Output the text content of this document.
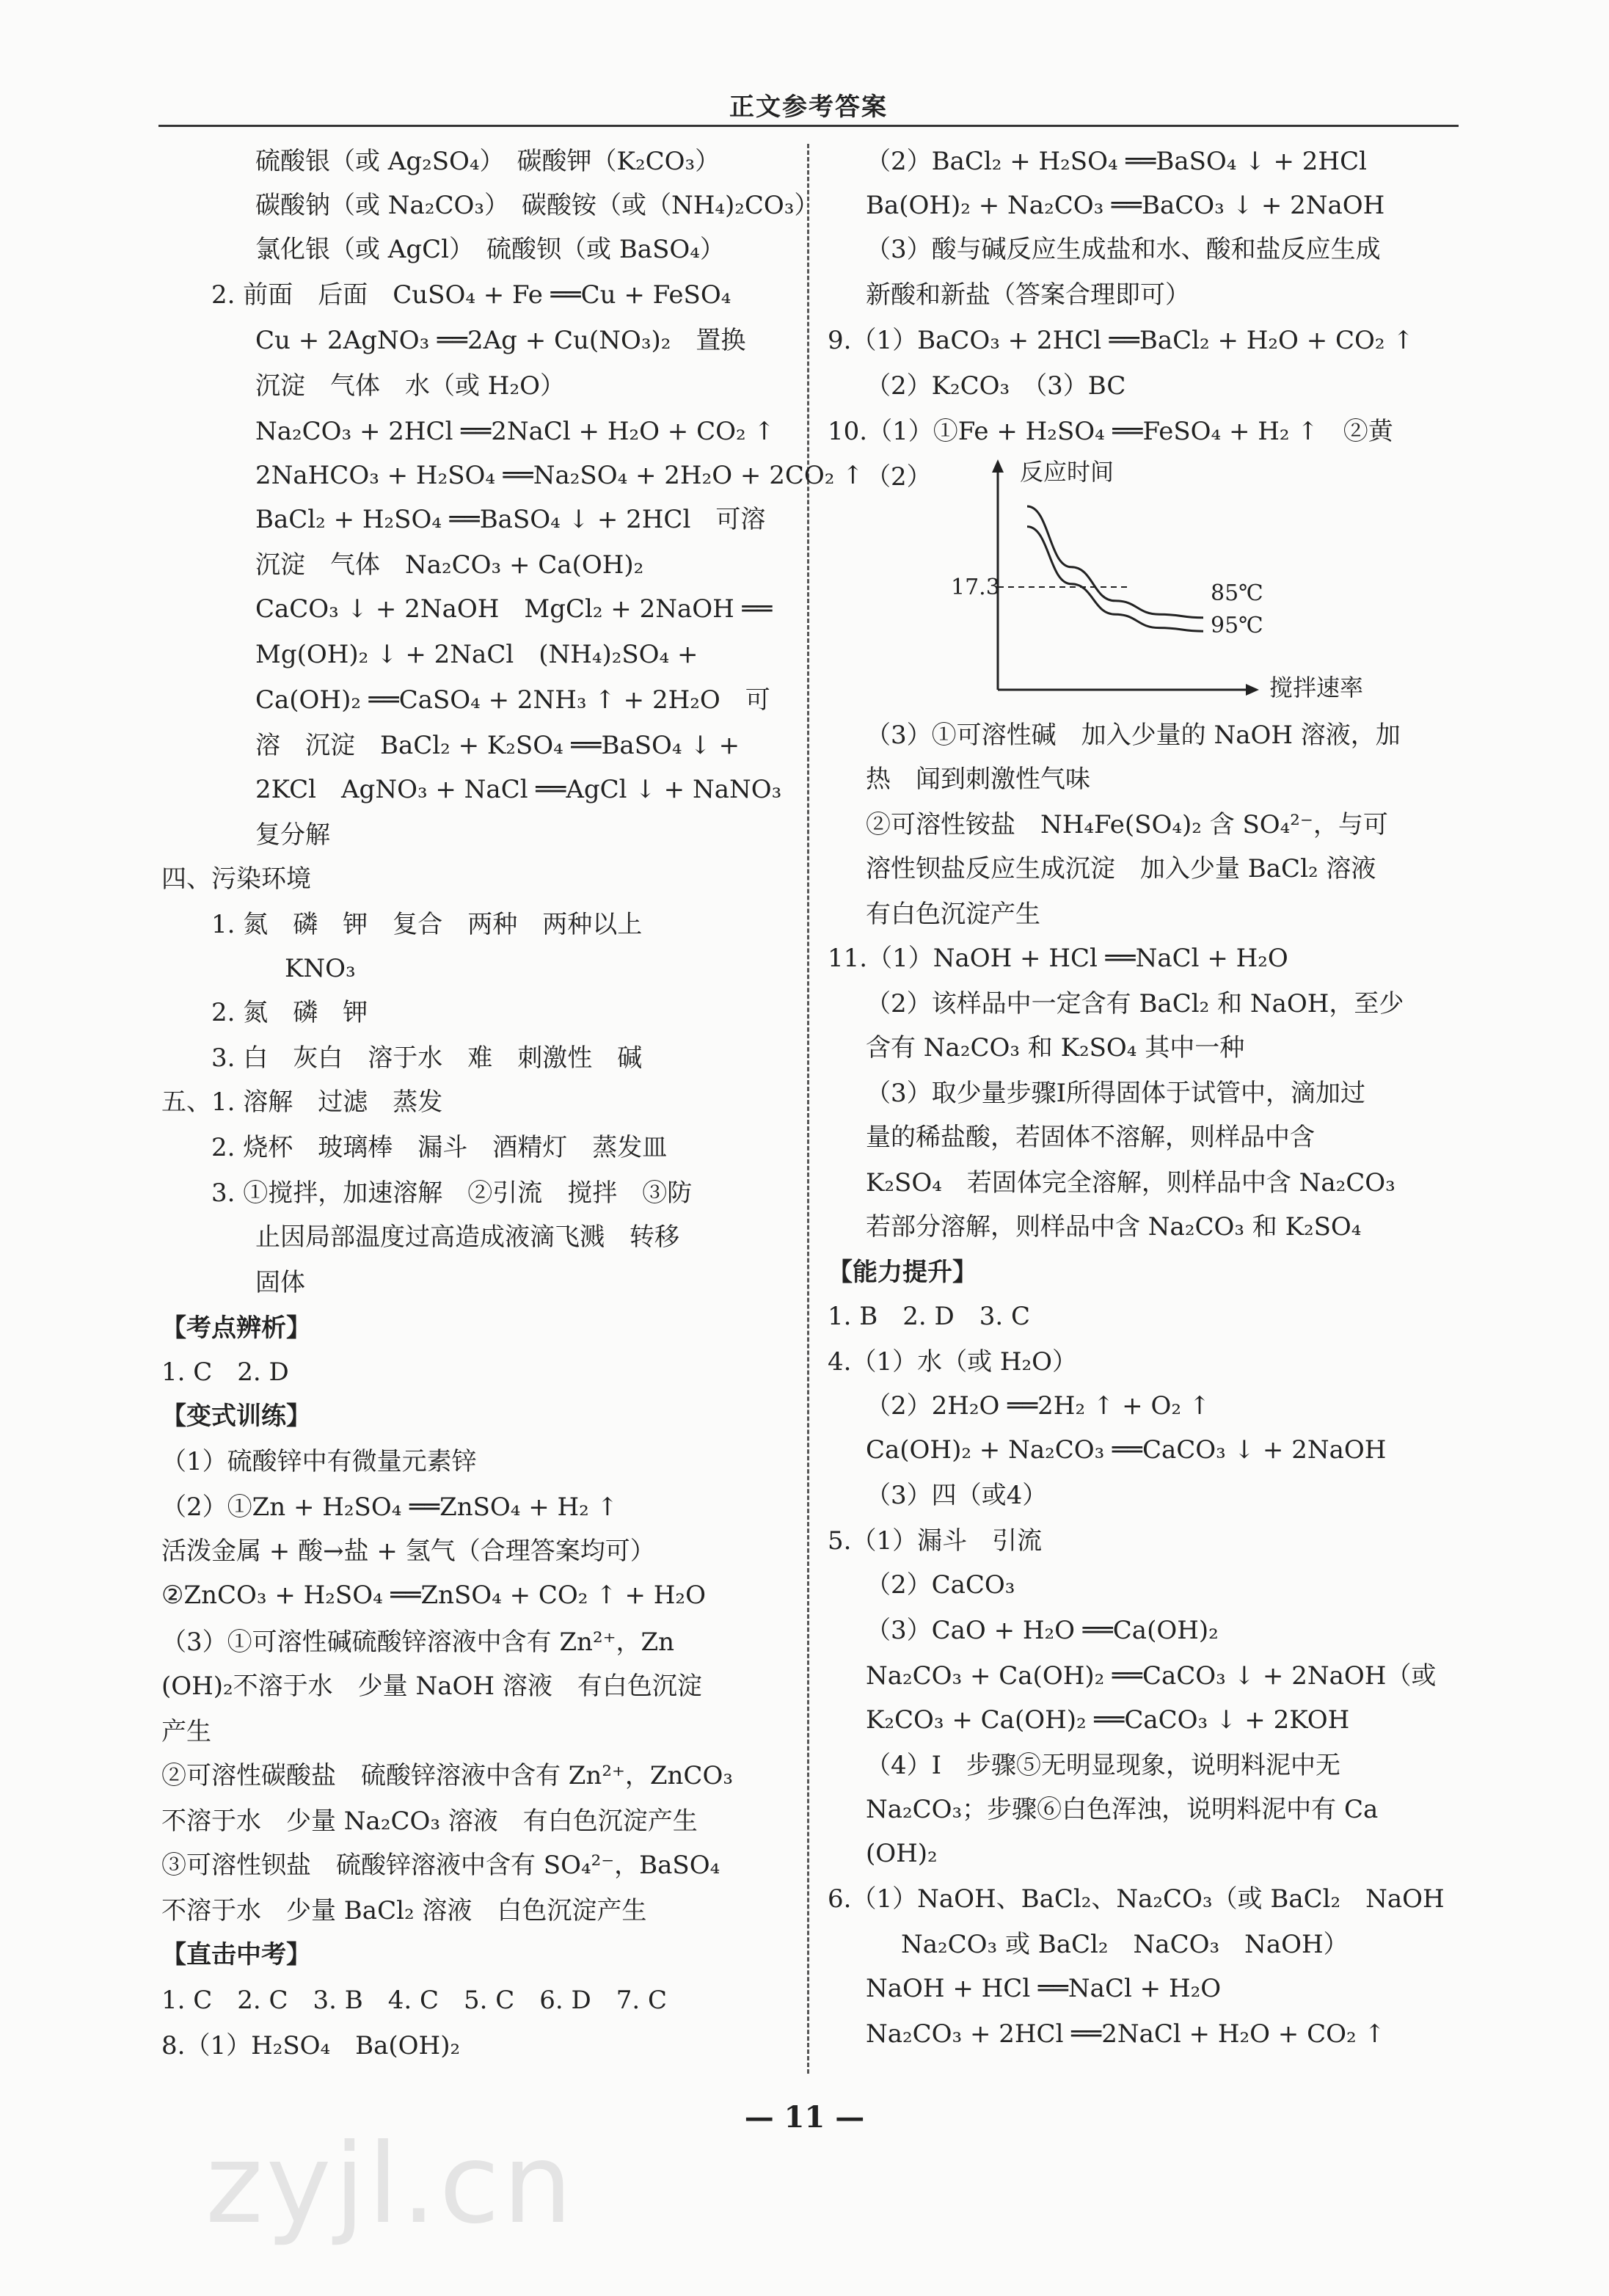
正文参考答案
硫酸银（或 Ag₂SO₄）　碳酸钾（K₂CO₃）
碳酸钠（或 Na₂CO₃）　碳酸铵（或（NH₄)₂CO₃）
氯化银（或 AgCl）　硫酸钡（或 BaSO₄）
2. 前面　后面　CuSO₄ + Fe ══Cu + FeSO₄
Cu + 2AgNO₃ ══2Ag + Cu(NO₃)₂　置换
沉淀　气体　水（或 H₂O）
Na₂CO₃ + 2HCl ══2NaCl + H₂O + CO₂ ↑
2NaHCO₃ + H₂SO₄ ══Na₂SO₄ + 2H₂O + 2CO₂ ↑
BaCl₂ + H₂SO₄ ══BaSO₄ ↓ + 2HCl　可溶
沉淀　气体　Na₂CO₃ + Ca(OH)₂
CaCO₃ ↓ + 2NaOH　MgCl₂ + 2NaOH ══
Mg(OH)₂ ↓ + 2NaCl　(NH₄)₂SO₄ +
Ca(OH)₂ ══CaSO₄ + 2NH₃ ↑ + 2H₂O　可
溶　沉淀　BaCl₂ + K₂SO₄ ══BaSO₄ ↓ +
2KCl　AgNO₃ + NaCl ══AgCl ↓ + NaNO₃
复分解
四、污染环境
1. 氮　磷　钾　复合　两种　两种以上
KNO₃
2. 氮　磷　钾
3. 白　灰白　溶于水　难　刺激性　碱
五、1. 溶解　过滤　蒸发
2. 烧杯　玻璃棒　漏斗　酒精灯　蒸发皿
3. ①搅拌，加速溶解　②引流　搅拌　③防
止因局部温度过高造成液滴飞溅　转移
固体
【考点辨析】
1. C　2. D
【变式训练】
（1）硫酸锌中有微量元素锌
（2）①Zn + H₂SO₄ ══ZnSO₄ + H₂ ↑
活泼金属 + 酸→盐 + 氢气（合理答案均可）
②ZnCO₃ + H₂SO₄ ══ZnSO₄ + CO₂ ↑ + H₂O
（3）①可溶性碱硫酸锌溶液中含有 Zn²⁺，Zn
(OH)₂不溶于水　少量 NaOH 溶液　有白色沉淀
产生
②可溶性碳酸盐　硫酸锌溶液中含有 Zn²⁺，ZnCO₃
不溶于水　少量 Na₂CO₃ 溶液　有白色沉淀产生
③可溶性钡盐　硫酸锌溶液中含有 SO₄²⁻，BaSO₄
不溶于水　少量 BaCl₂ 溶液　白色沉淀产生
【直击中考】
1. C　2. C　3. B　4. C　5. C　6. D　7. C
8.（1）H₂SO₄　Ba(OH)₂
（2）BaCl₂ + H₂SO₄ ══BaSO₄ ↓ + 2HCl
Ba(OH)₂ + Na₂CO₃ ══BaCO₃ ↓ + 2NaOH
（3）酸与碱反应生成盐和水、酸和盐反应生成
新酸和新盐（答案合理即可）
9.（1）BaCO₃ + 2HCl ══BaCl₂ + H₂O + CO₂ ↑
（2）K₂CO₃　（3）BC
10.（1）①Fe + H₂SO₄ ══FeSO₄ + H₂ ↑　②黄
（3）①可溶性碱　加入少量的 NaOH 溶液，加
热　闻到刺激性气味
②可溶性铵盐　NH₄Fe(SO₄)₂ 含 SO₄²⁻，与可
溶性钡盐反应生成沉淀　加入少量 BaCl₂ 溶液
有白色沉淀产生
11.（1）NaOH + HCl ══NaCl + H₂O
（2）该样品中一定含有 BaCl₂ 和 NaOH，至少
含有 Na₂CO₃ 和 K₂SO₄ 其中一种
（3）取少量步骤Ⅰ所得固体于试管中，滴加过
量的稀盐酸，若固体不溶解，则样品中含
K₂SO₄　若固体完全溶解，则样品中含 Na₂CO₃
若部分溶解，则样品中含 Na₂CO₃ 和 K₂SO₄
【能力提升】
1. B　2. D　3. C
4.（1）水（或 H₂O）
（2）2H₂O ══2H₂ ↑ + O₂ ↑
Ca(OH)₂ + Na₂CO₃ ══CaCO₃ ↓ + 2NaOH
（3）四（或4）
5.（1）漏斗　引流
（2）CaCO₃
（3）CaO + H₂O ══Ca(OH)₂
Na₂CO₃ + Ca(OH)₂ ══CaCO₃ ↓ + 2NaOH（或
K₂CO₃ + Ca(OH)₂ ══CaCO₃ ↓ + 2KOH
（4）Ⅰ　步骤⑤无明显现象，说明料泥中无
Na₂CO₃；步骤⑥白色浑浊，说明料泥中有 Ca
(OH)₂
6.（1）NaOH、BaCl₂、Na₂CO₃（或 BaCl₂　NaOH
Na₂CO₃ 或 BaCl₂　NaCO₃　NaOH）
NaOH + HCl ══NaCl + H₂O
Na₂CO₃ + 2HCl ══2NaCl + H₂O + CO₂ ↑
（2）	反应时间
搅拌速率
17.3	85℃
95℃
— 11 —
zyjl.cn
